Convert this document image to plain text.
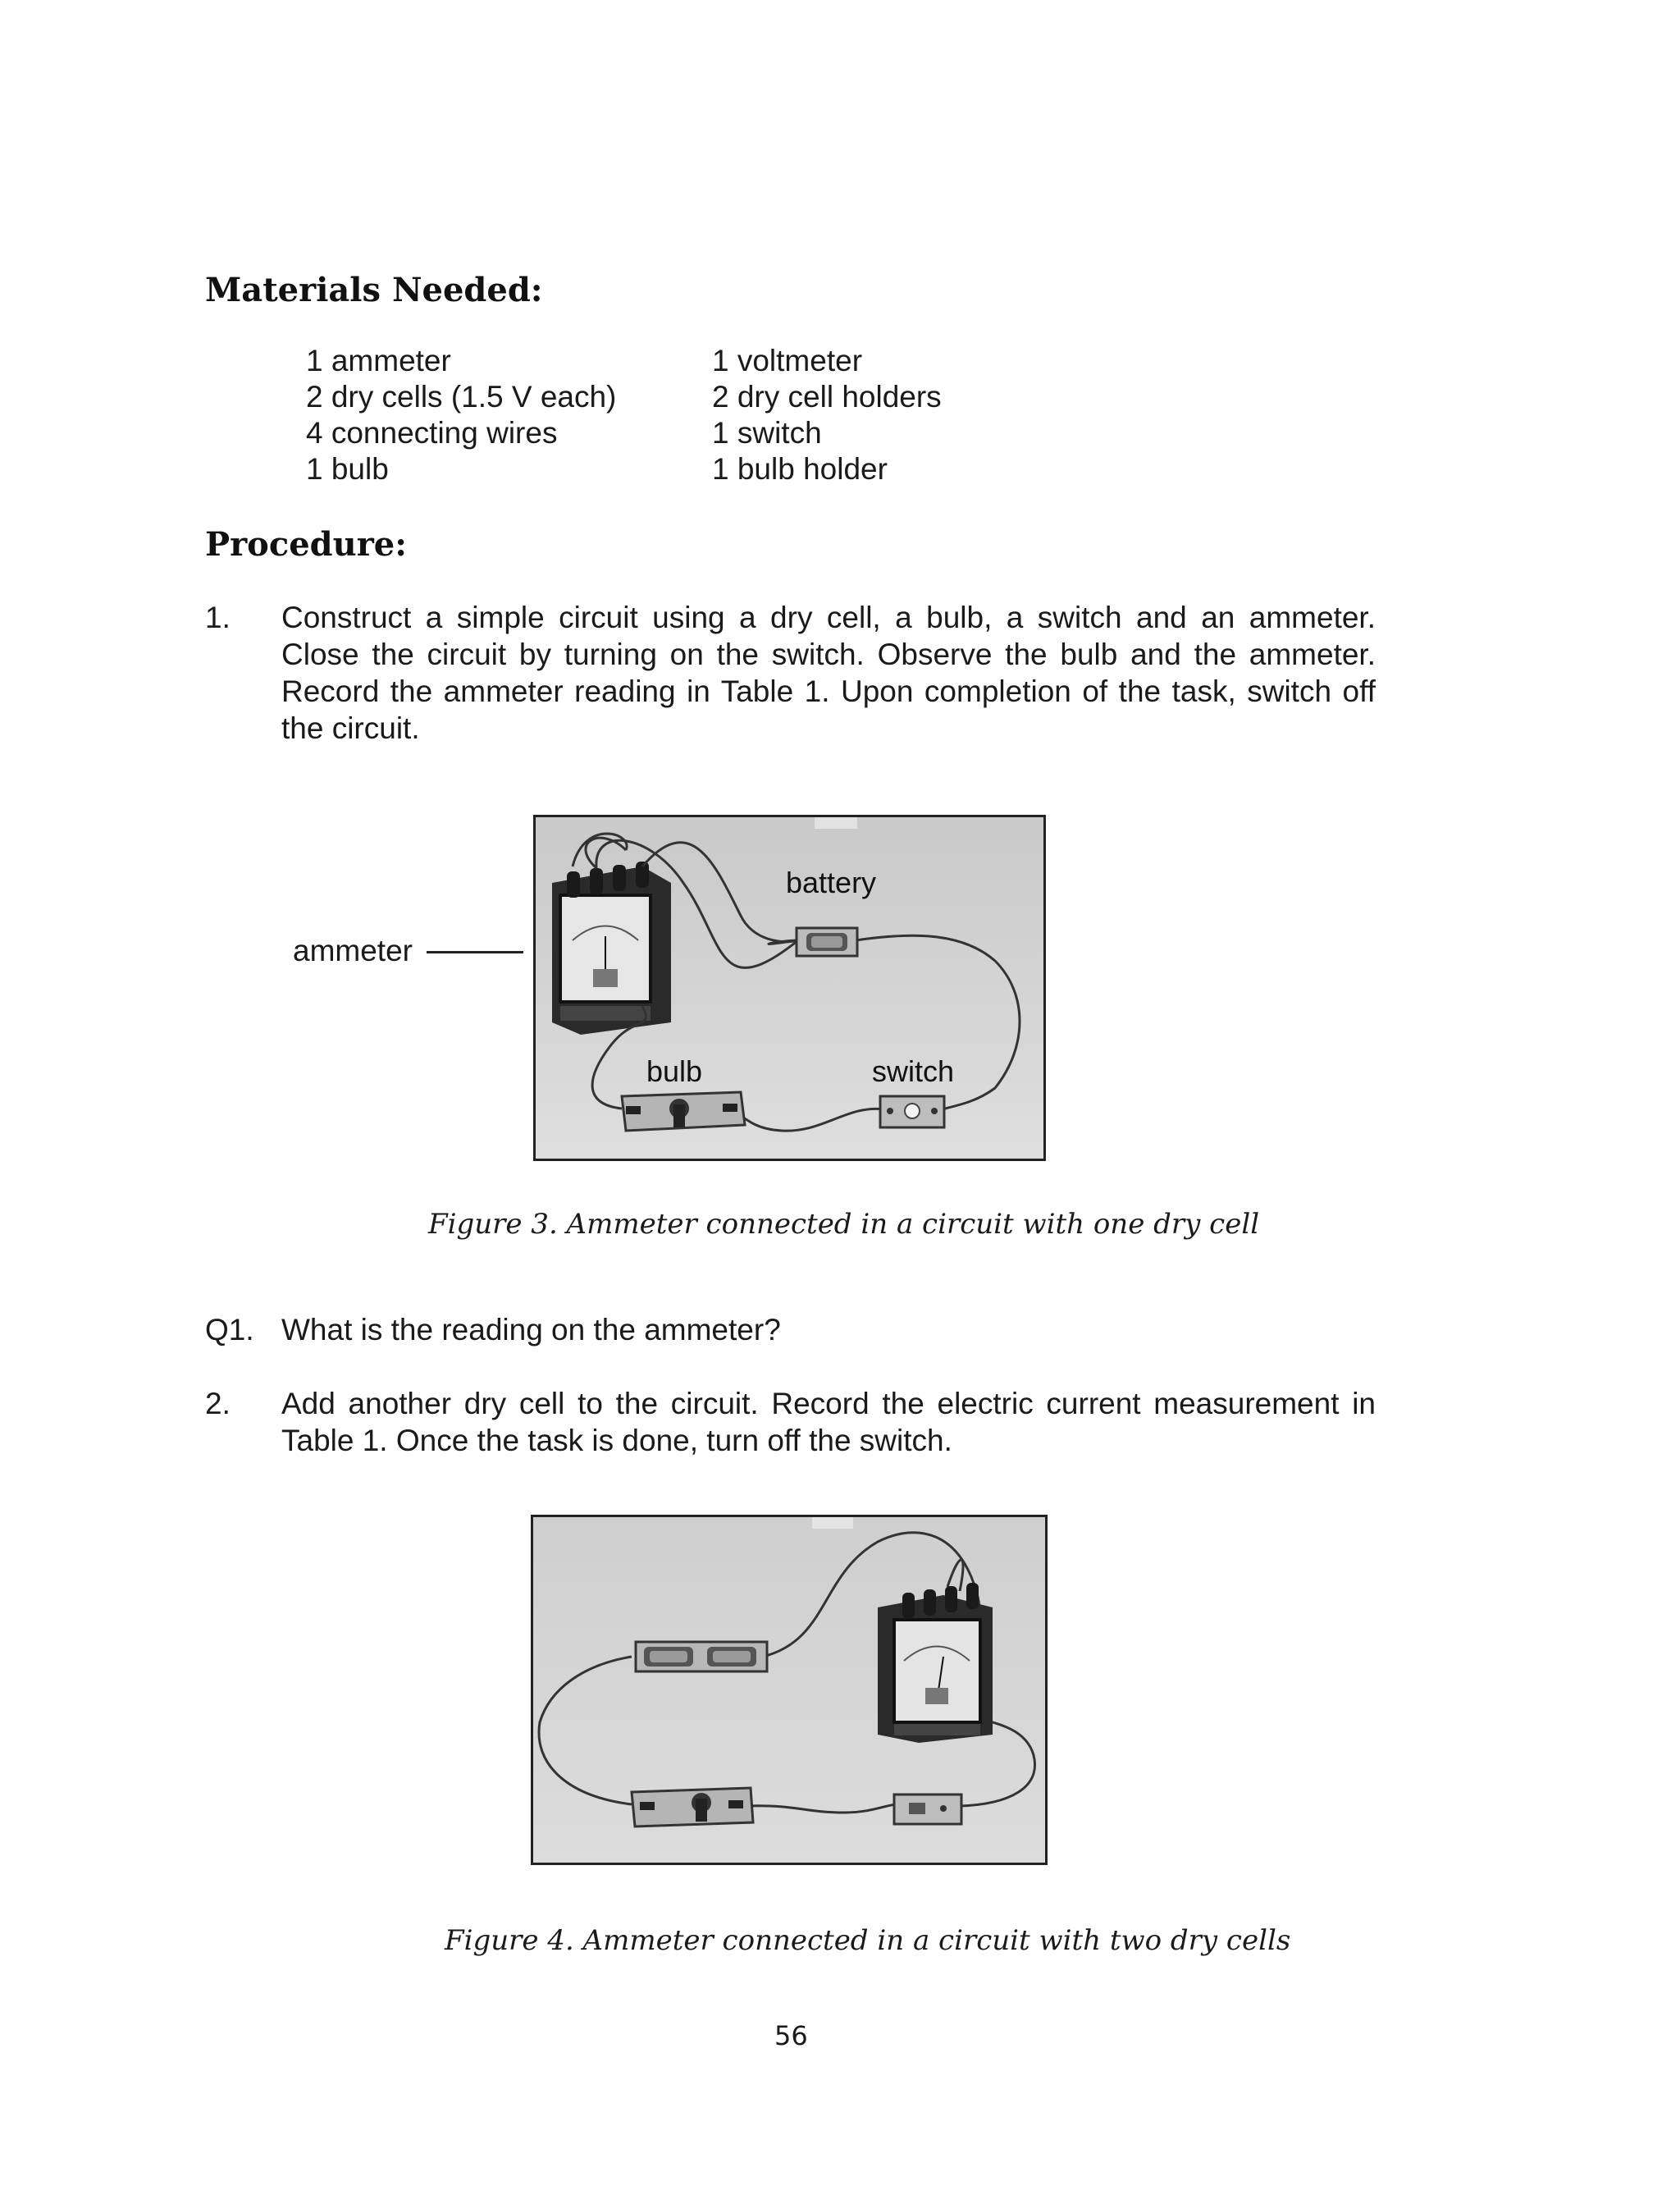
Materials Needed:
1 ammeter
2 dry cells (1.5 V each)
4 connecting wires
1 bulb
1 voltmeter
2 dry cell holders
1 switch
1 bulb holder
Procedure:
1. Construct a simple circuit using a dry cell, a bulb, a switch and an ammeter. Close the circuit by turning on the switch. Observe the bulb and the ammeter. Record the ammeter reading in Table 1. Upon completion of the task, switch off the circuit.
ammeter
battery
bulb	switch
Figure 3. Ammeter connected in a circuit with one dry cell
Q1. What is the reading on the ammeter?
2. Add another dry cell to the circuit. Record the electric current measurement in Table 1. Once the task is done, turn off the switch.
Figure 4. Ammeter connected in a circuit with two dry cells
56
